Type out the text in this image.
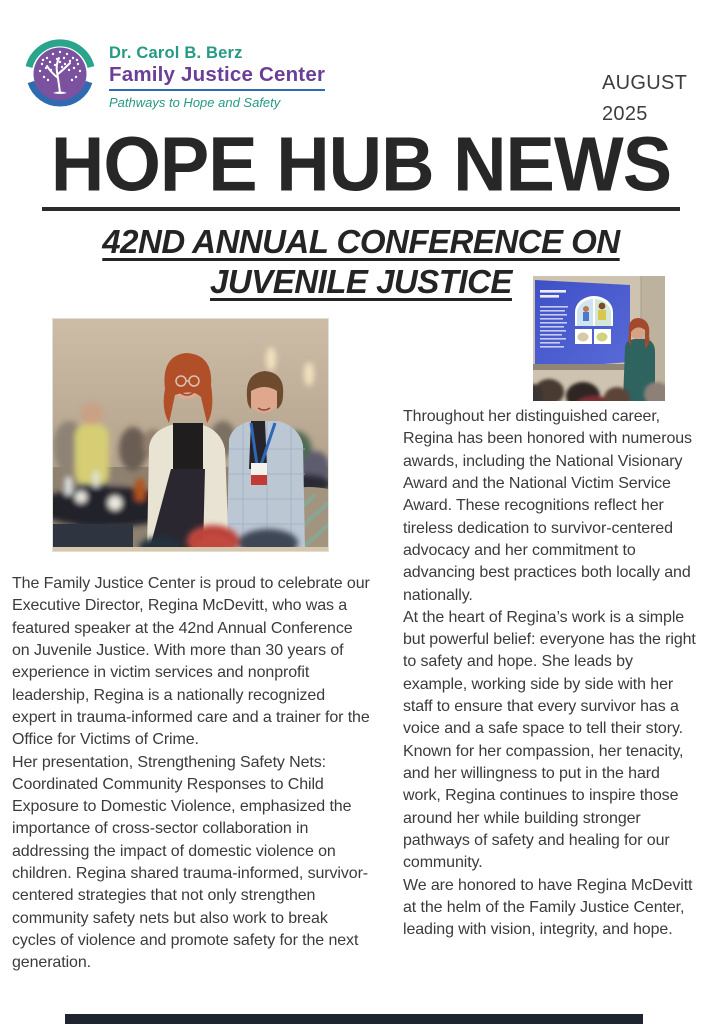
Dr. Carol B. Berz
Family Justice Center
Pathways to Hope and Safety
AUGUST
2025
HOPE HUB NEWS
42ND ANNUAL CONFERENCE ON
JUVENILE JUSTICE

The Family Justice Center is proud to celebrate our Executive Director, Regina McDevitt, who was a featured speaker at the 42nd Annual Conference on Juvenile Justice. With more than 30 years of experience in victim services and nonprofit leadership, Regina is a nationally recognized expert in trauma-informed care and a trainer for the Office for Victims of Crime.

Her presentation, Strengthening Safety Nets: Coordinated Community Responses to Child Exposure to Domestic Violence, emphasized the importance of cross-sector collaboration in addressing the impact of domestic violence on children. Regina shared trauma-informed, survivor-centered strategies that not only strengthen community safety nets but also work to break cycles of violence and promote safety for the next generation.

Throughout her distinguished career, Regina has been honored with numerous awards, including the National Visionary Award and the National Victim Service Award. These recognitions reflect her tireless dedication to survivor-centered advocacy and her commitment to advancing best practices both locally and nationally.

At the heart of Regina’s work is a simple but powerful belief: everyone has the right to safety and hope. She leads by example, working side by side with her staff to ensure that every survivor has a voice and a safe space to tell their story. Known for her compassion, her tenacity, and her willingness to put in the hard work, Regina continues to inspire those around her while building stronger pathways of safety and healing for our community.

We are honored to have Regina McDevitt at the helm of the Family Justice Center, leading with vision, integrity, and hope.
